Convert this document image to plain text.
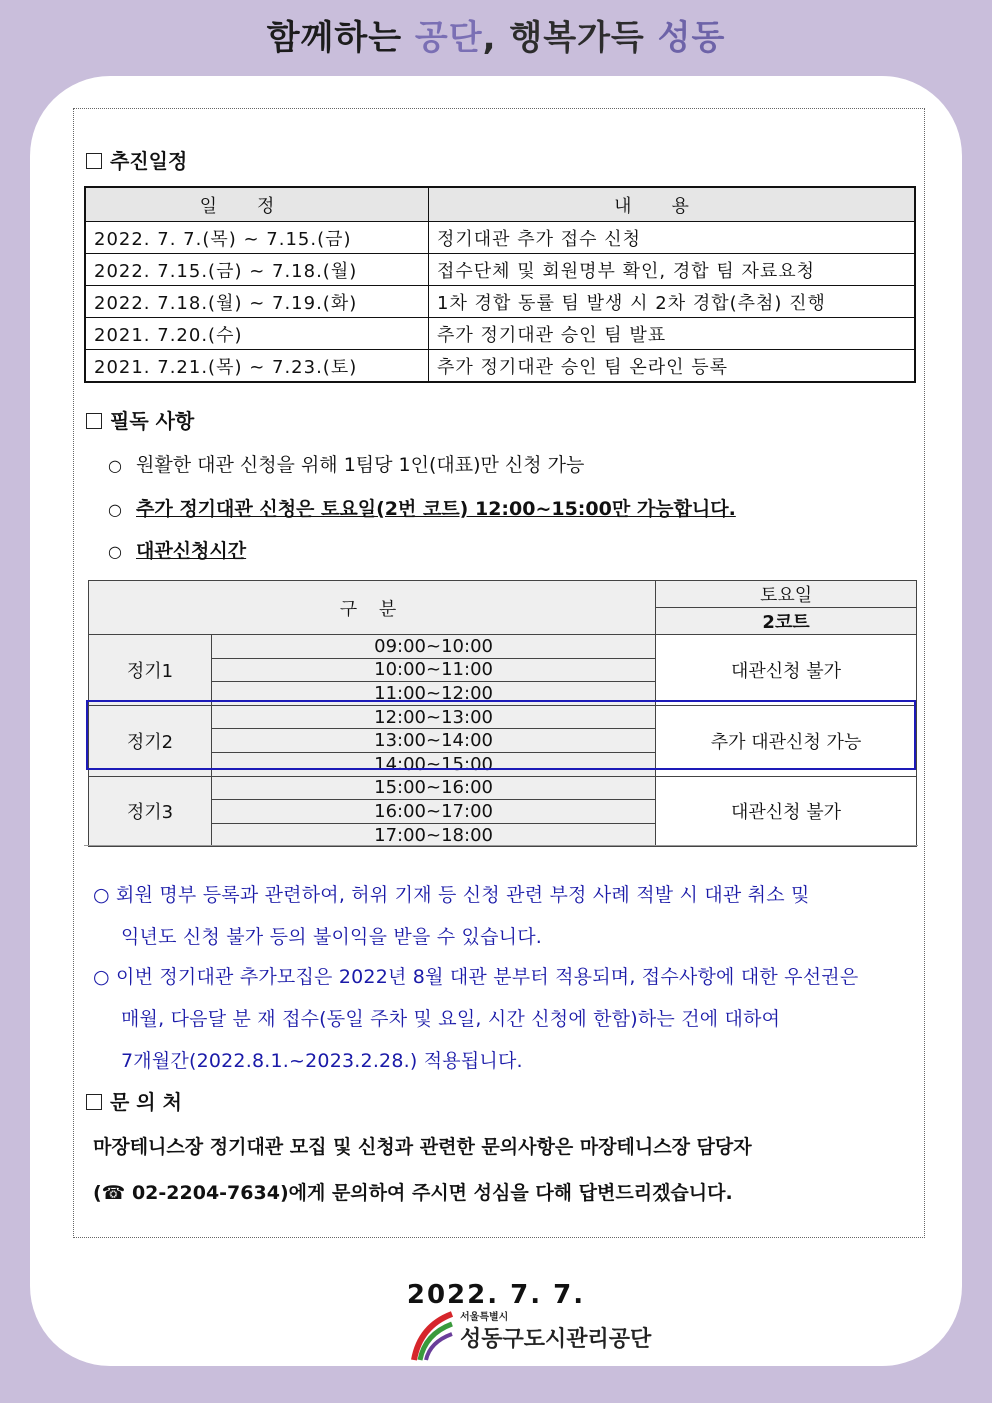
함께하는 공단, 행복가득 성동
추진일정
일정	내용
2022. 7. 7.(목) ~ 7.15.(금)	정기대관 추가 접수 신청
2022. 7.15.(금) ~ 7.18.(월)	접수단체 및 회원명부 확인, 경합 팀 자료요청
2022. 7.18.(월) ~ 7.19.(화)	1차 경합 동률 팀 발생 시 2차 경합(추첨) 진행
2021. 7.20.(수)	추가 정기대관 승인 팀 발표
2021. 7.21.(목) ~ 7.23.(토)	추가 정기대관 승인 팀 온라인 등록
필독 사항
○ 원활한 대관 신청을 위해 1팀당 1인(대표)만 신청 가능
○ 추가 정기대관 신청은 토요일(2번 코트) 12:00~15:00만 가능합니다.
○ 대관신청시간
구 분		토요일
		2코트
정기1	09:00~10:00	대관신청 불가
	10:00~11:00	
	11:00~12:00	
정기2	12:00~13:00	추가 대관신청 가능
	13:00~14:00	
	14:00~15:00	
정기3	15:00~16:00	대관신청 불가
	16:00~17:00	
	17:00~18:00	
○ 회원 명부 등록과 관련하여, 허위 기재 등 신청 관련 부정 사례 적발 시 대관 취소 및
익년도 신청 불가 등의 불이익을 받을 수 있습니다.
○ 이번 정기대관 추가모집은 2022년 8월 대관 분부터 적용되며, 접수사항에 대한 우선권은
매월, 다음달 분 재 접수(동일 주차 및 요일, 시간 신청에 한함)하는 건에 대하여
7개월간(2022.8.1.~2023.2.28.) 적용됩니다.
문 의 처
마장테니스장 정기대관 모집 및 신청과 관련한 문의사항은 마장테니스장 담당자
(☎ 02-2204-7634)에게 문의하여 주시면 성심을 다해 답변드리겠습니다.
2022. 7. 7.
서울특별시
성동구도시관리공단
